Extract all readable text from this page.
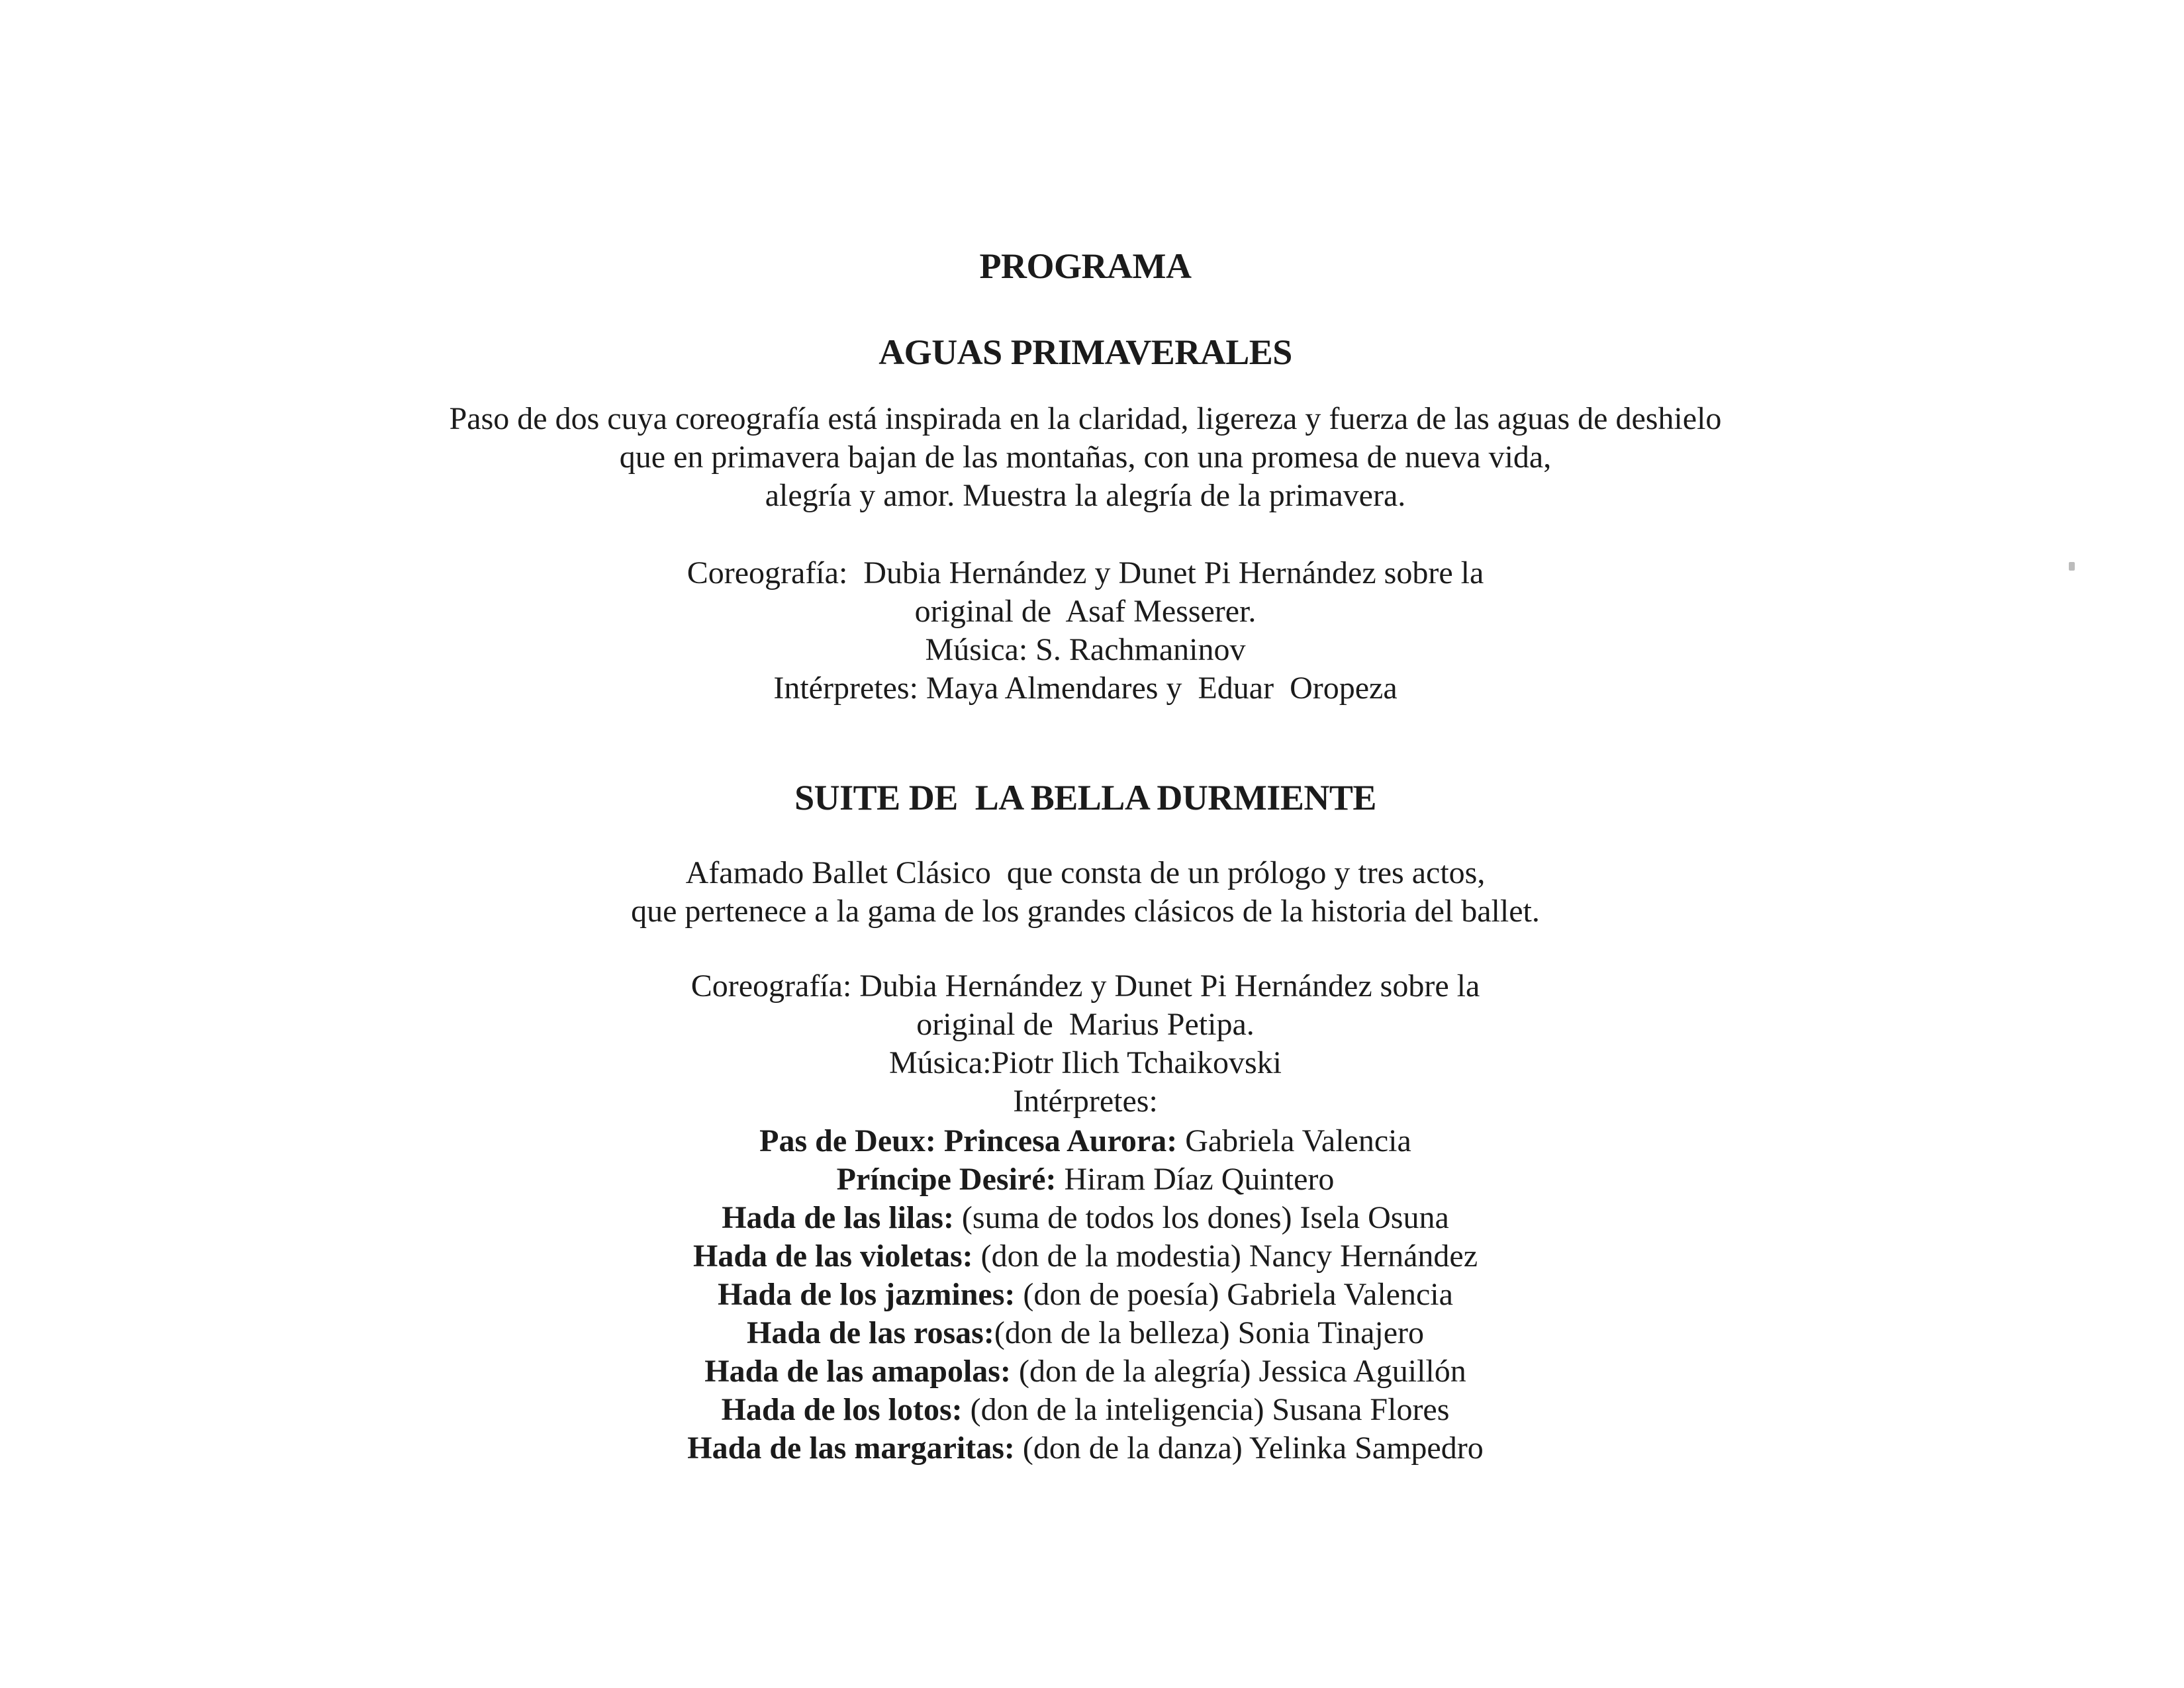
PROGRAMA
AGUAS PRIMAVERALES
Paso de dos cuya coreografía está inspirada en la claridad, ligereza y fuerza de las aguas de deshielo
que en primavera bajan de las montañas, con una promesa de nueva vida,
alegría y amor. Muestra la alegría de la primavera.
Coreografía:  Dubia Hernández y Dunet Pi Hernández sobre la
original de  Asaf Messerer.
Música: S. Rachmaninov
Intérpretes: Maya Almendares y  Eduar  Oropeza
SUITE DE  LA BELLA DURMIENTE
Afamado Ballet Clásico  que consta de un prólogo y tres actos,
que pertenece a la gama de los grandes clásicos de la historia del ballet.
Coreografía: Dubia Hernández y Dunet Pi Hernández sobre la
original de  Marius Petipa.
Música:Piotr Ilich Tchaikovski
Intérpretes:
Pas de Deux: Princesa Aurora: Gabriela Valencia
Príncipe Desiré: Hiram Díaz Quintero
Hada de las lilas: (suma de todos los dones) Isela Osuna
Hada de las violetas: (don de la modestia) Nancy Hernández
Hada de los jazmines: (don de poesía) Gabriela Valencia
Hada de las rosas:(don de la belleza) Sonia Tinajero
Hada de las amapolas: (don de la alegría) Jessica Aguillón
Hada de los lotos: (don de la inteligencia) Susana Flores
Hada de las margaritas: (don de la danza) Yelinka Sampedro
